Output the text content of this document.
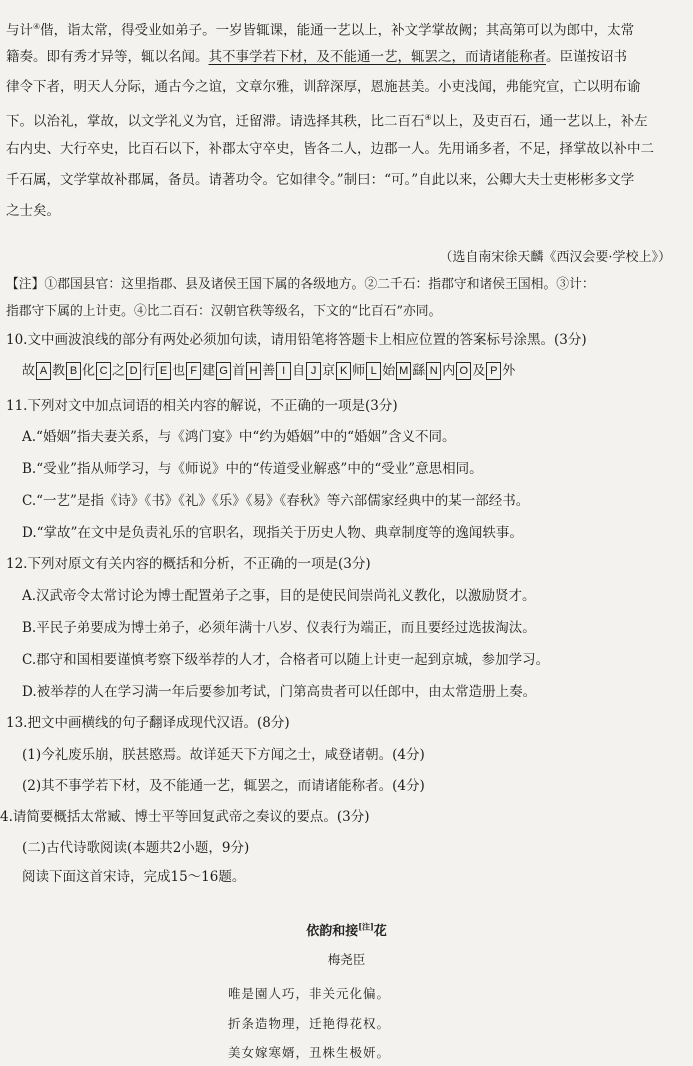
与计④偕，诣太常，得受业如弟子。一岁皆辄课，能通一艺以上，补文学掌故阙；其高第可以为郎中，太常
籍奏。即有秀才异等，辄以名闻。其不事学若下材，及不能通一艺，辄罢之，而请诸能称者。臣谨按诏书
律令下者，明天人分际，通古今之谊，文章尔雅，训辞深厚，恩施甚美。小吏浅闻，弗能究宣，亡以明布谕
下。以治礼，掌故，以文学礼义为官，迁留滞。请选择其秩，比二百石④以上，及吏百石，通一艺以上，补左
右内史、大行卒史，比百石以下，补郡太守卒史，皆各二人，边郡一人。先用诵多者，不足，择掌故以补中二
千石属，文学掌故补郡属，备员。请著功令。它如律令。”制曰：“可。”自此以来，公卿大夫士吏彬彬多文学
之士矣。
（选自南宋徐天麟《西汉会要·学校上》）
【注】①郡国县官：这里指郡、县及诸侯王国下属的各级地方。②二千石：指郡守和诸侯王国相。③计：
指郡守下属的上计吏。④比二百石：汉朝官秩等级名，下文的“比百石”亦同。
10.文中画波浪线的部分有两处必须加句读，请用铅笔将答题卡上相应位置的答案标号涂黑。(3分)
故 A 教 B 化 C 之 D 行 E 也 F 建 G 首 H 善 I 自 J 京 K 师 L 始 M 繇 N 内 O 及 P 外
11.下列对文中加点词语的相关内容的解说，不正确的一项是(3分)
A.“婚姻”指夫妻关系，与《鸿门宴》中“约为婚姻”中的“婚姻”含义不同。
B.“受业”指从师学习，与《师说》中的“传道受业解惑”中的“受业”意思相同。
C.“一艺”是指《诗》《书》《礼》《乐》《易》《春秋》等六部儒家经典中的某一部经书。
D.“掌故”在文中是负责礼乐的官职名，现指关于历史人物、典章制度等的逸闻轶事。
12.下列对原文有关内容的概括和分析，不正确的一项是(3分)
A.汉武帝令太常讨论为博士配置弟子之事，目的是使民间崇尚礼义教化，以激励贤才。
B.平民子弟要成为博士弟子，必须年满十八岁、仪表行为端正，而且要经过选拔淘汰。
C.郡守和国相要谨慎考察下级举荐的人才，合格者可以随上计吏一起到京城，参加学习。
D.被举荐的人在学习满一年后要参加考试，门第高贵者可以任郎中，由太常造册上奏。
13.把文中画横线的句子翻译成现代汉语。(8分)
(1)今礼废乐崩，朕甚愍焉。故详延天下方闻之士，咸登诸朝。(4分)
(2)其不事学若下材，及不能通一艺，辄罢之，而请诸能称者。(4分)
4.请简要概括太常臧、博士平等回复武帝之奏议的要点。(3分)
(二)古代诗歌阅读(本题共2小题，9分)
阅读下面这首宋诗，完成15～16题。
依韵和接[注]花
梅尧臣
唯是園人巧，非关元化偏。
折条造物理，迁艳得花权。
美女嫁寒婿，丑株生极妍。
